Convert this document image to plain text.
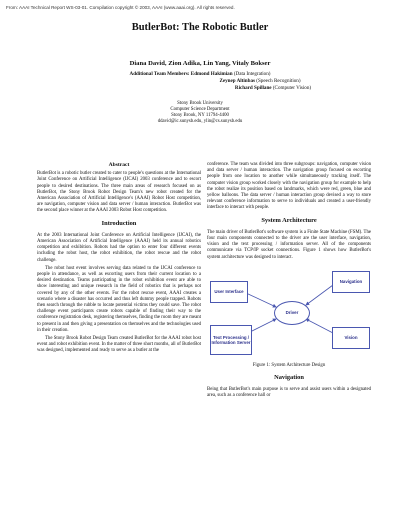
From: AAAI Technical Report WS-03-01. Compilation copyright © 2003, AAAI (www.aaai.org). All rights reserved.
ButlerBot: The Robotic Butler
Diana David, Zion Adika, Lin Yang, Vitaly Bokser
Additional Team Members: Edmond Hakimian (Data Integration)
Zeynep Altinbas (Speech Recognition)
Richard Spillane (Computer Vision)
Stony Brook University
Computer Science Department
Stony Brook, NY 11794-4400
ddavid@ic.sunysb.edu, ylin@cs.sunysb.edu
Abstract

ButlerBot is a robotic butler created to cater to people's questions at the International Joint Conference on Artificial Intelligence (IJCAI) 2003 conference and to escort people to desired destinations. The three main areas of research focused on as ButlerBot, the Stony Brook Robot Design Team's new robot created for the American Association of Artificial Intelligence's (AAAI) Robot Host competition, are navigation, computer vision and data server / human interaction. ButlerBot was the second place winner at the AAAI 2003 Robot Host competition.

Introduction

At the 2003 International Joint Conference on Artificial Intelligence (IJCAI), the American Association of Artificial Intelligence (AAAI) held its annual robotics competition and exhibition. Robots had the option to enter four different events including the robot host, the robot exhibition, the robot rescue and the robot challenge.

The robot host event involves serving data related to the IJCAI conference to people in attendance, as well as escorting users from their current location to a desired destination. Teams participating in the robot exhibition event are able to show interesting and unique research in the field of robotics that is perhaps not covered by any of the other events. For the robot rescue event, AAAI creates a scenario where a disaster has occurred and thus left dummy people trapped. Robots then search through the rubble to locate potential victims they could save. The robot challenge event participants create robots capable of finding their way to the conference registration desk, registering themselves, finding the room they are meant to present in and then giving a presentation on themselves and the technologies used in their creation.

The Stony Brook Robot Design Team created ButlerBot for the AAAI robot host event and robot exhibition event. In the matter of three short months, all of ButlerBot was designed, implemented and ready to serve as a butler at the

conference. The team was divided into three subgroups: navigation, computer vision and data server / human interaction. The navigation group focused on escorting people from one location to another while simultaneously tracking itself. The computer vision group worked closely with the navigation group for example to help the robot realize its position based on landmarks, which were red, green, blue and yellow balloons. The data server / human interaction group devised a way to store relevant conference information to serve to individuals and created a user-friendly interface to interact with people.

System Architecture

The main driver of ButlerBot's software system is a Finite State Machine (FSM). The four main components connected to the driver are the user interface, navigation, vision and the text processing / information server. All of the components communicate via TCP/IP socket connections. Figure 1 shows how ButlerBot's system architecture was designed to interact.

User Interface
Navigation
Driver
Text Processing / Information Server
Vision
Figure 1: System Architecture Design
Navigation

Being that ButlerBot's main purpose is to serve and assist users within a designated area, such as a conference hall or
